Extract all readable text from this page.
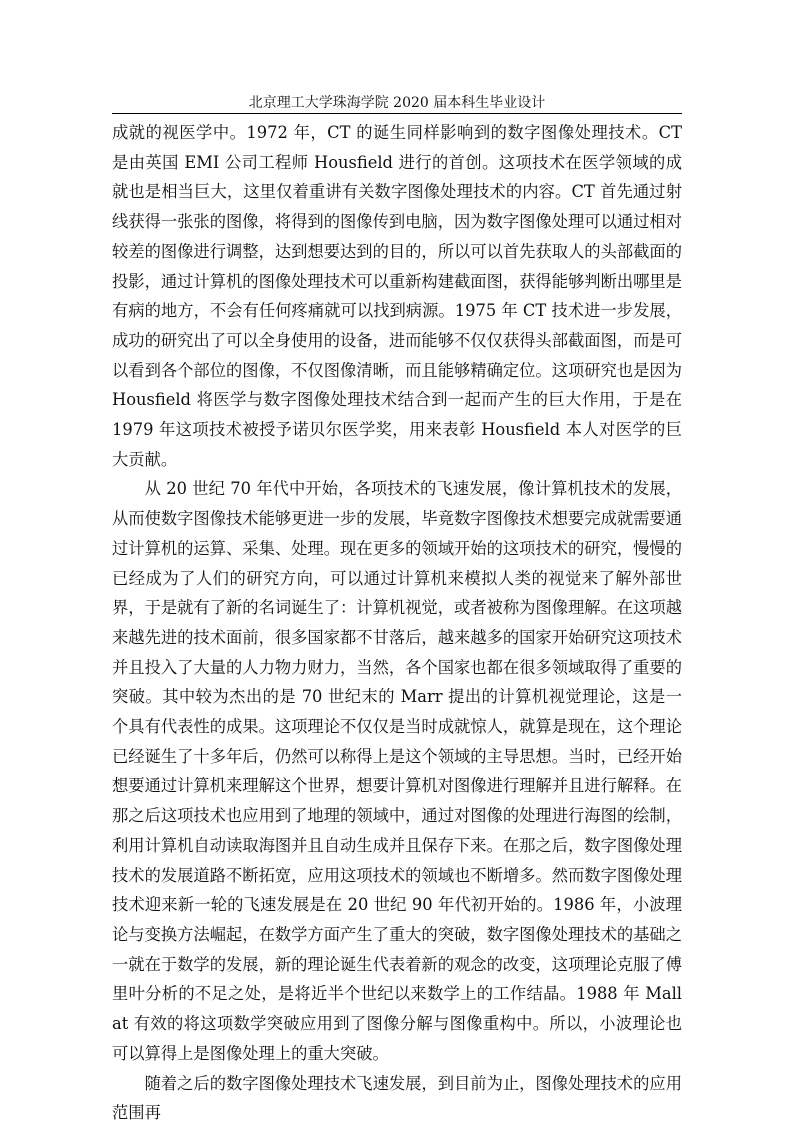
北京理工大学珠海学院 2020 届本科生毕业设计

成就的视医学中。1972 年，CT 的诞生同样影响到的数字图像处理技术。CT 是由英国 EMI 公司工程师 Housfield 进行的首创。这项技术在医学领域的成就也是相当巨大，这里仅着重讲有关数字图像处理技术的内容。CT 首先通过射线获得一张张的图像，将得到的图像传到电脑，因为数字图像处理可以通过相对较差的图像进行调整，达到想要达到的目的，所以可以首先获取人的头部截面的投影，通过计算机的图像处理技术可以重新构建截面图，获得能够判断出哪里是有病的地方，不会有任何疼痛就可以找到病源。1975 年 CT 技术进一步发展，成功的研究出了可以全身使用的设备，进而能够不仅仅获得头部截面图，而是可以看到各个部位的图像，不仅图像清晰，而且能够精确定位。这项研究也是因为 Housfield 将医学与数字图像处理技术结合到一起而产生的巨大作用，于是在 1979 年这项技术被授予诺贝尔医学奖，用来表彰 Housfield 本人对医学的巨大贡献。

从 20 世纪 70 年代中开始，各项技术的飞速发展，像计算机技术的发展，从而使数字图像技术能够更进一步的发展，毕竟数字图像技术想要完成就需要通过计算机的运算、采集、处理。现在更多的领域开始的这项技术的研究，慢慢的已经成为了人们的研究方向，可以通过计算机来模拟人类的视觉来了解外部世界，于是就有了新的名词诞生了：计算机视觉，或者被称为图像理解。在这项越来越先进的技术面前，很多国家都不甘落后，越来越多的国家开始研究这项技术并且投入了大量的人力物力财力，当然，各个国家也都在很多领域取得了重要的突破。其中较为杰出的是 70 世纪末的 Marr 提出的计算机视觉理论，这是一个具有代表性的成果。这项理论不仅仅是当时成就惊人，就算是现在，这个理论已经诞生了十多年后，仍然可以称得上是这个领域的主导思想。当时，已经开始想要通过计算机来理解这个世界，想要计算机对图像进行理解并且进行解释。在那之后这项技术也应用到了地理的领域中，通过对图像的处理进行海图的绘制，利用计算机自动读取海图并且自动生成并且保存下来。在那之后，数字图像处理技术的发展道路不断拓宽，应用这项技术的领域也不断增多。然而数字图像处理技术迎来新一轮的飞速发展是在 20 世纪 90 年代初开始的。1986 年，小波理论与变换方法崛起，在数学方面产生了重大的突破，数字图像处理技术的基础之一就在于数学的发展，新的理论诞生代表着新的观念的改变，这项理论克服了傅里叶分析的不足之处，是将近半个世纪以来数学上的工作结晶。1988 年 Mallat 有效的将这项数学突破应用到了图像分解与图像重构中。所以，小波理论也可以算得上是图像处理上的重大突破。

随着之后的数字图像处理技术飞速发展，到目前为止，图像处理技术的应用范围再
